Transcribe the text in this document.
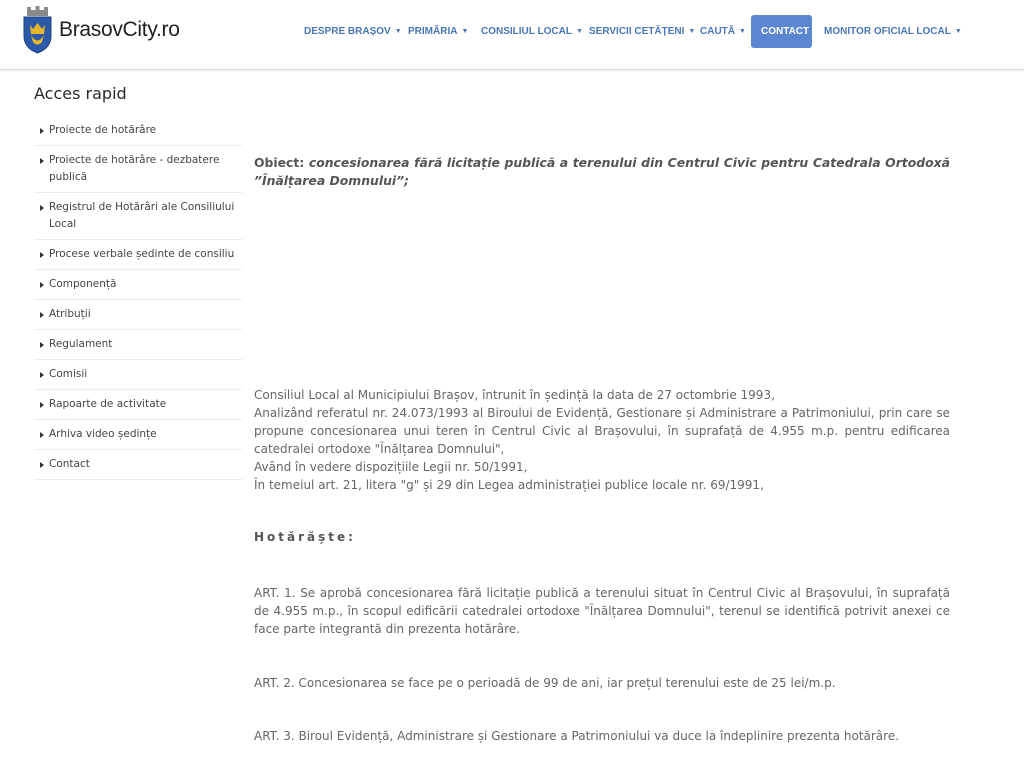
BrasovCity.ro	DESPRE BRAȘOV ▼ PRIMĂRIA ▼ CONSILIUL LOCAL ▼ SERVICII CETĂȚENI ▼ CAUTĂ ▼	CONTACT MONITOR OFICIAL LOCAL ▼
Acces rapid
Proiecte de hotărâre
Proiecte de hotărâre - dezbatere publică
Registrul de Hotărâri ale Consiliului Local
Procese verbale ședinte de consiliu
Componență
Atribuții
Regulament
Comisii
Rapoarte de activitate
Arhiva video ședințe
Contact
Obiect: concesionarea fără licitație publică a terenului din Centrul Civic pentru Catedrala Ortodoxă ”Înălțarea Domnului”;
Consiliul Local al Municipiului Brașov, întrunit în ședință la data de 27 octombrie 1993,
Analizând referatul nr. 24.073/1993 al Biroului de Evidență, Gestionare și Administrare a Patrimoniului, prin care se propune concesionarea unui teren în Centrul Civic al Brașovului, în suprafață de 4.955 m.p. pentru edificarea catedralei ortodoxe "Înălțarea Domnului",
Având în vedere dispozițiile Legii nr. 50/1991,
În temeiul art. 21, litera "g" și 29 din Legea administrației publice locale nr. 69/1991,
Hotărăște:
ART. 1. Se aprobă concesionarea fără licitație publică a terenului situat în Centrul Civic al Brașovului, în suprafață de 4.955 m.p., în scopul edificării catedralei ortodoxe "Înălțarea Domnului", terenul se identifică potrivit anexei ce face parte integrantă din prezenta hotărâre.
ART. 2. Concesionarea se face pe o perioadă de 99 de ani, iar prețul terenului este de 25 lei/m.p.
ART. 3. Biroul Evidență, Administrare și Gestionare a Patrimoniului va duce la îndeplinire prezenta hotărâre.
